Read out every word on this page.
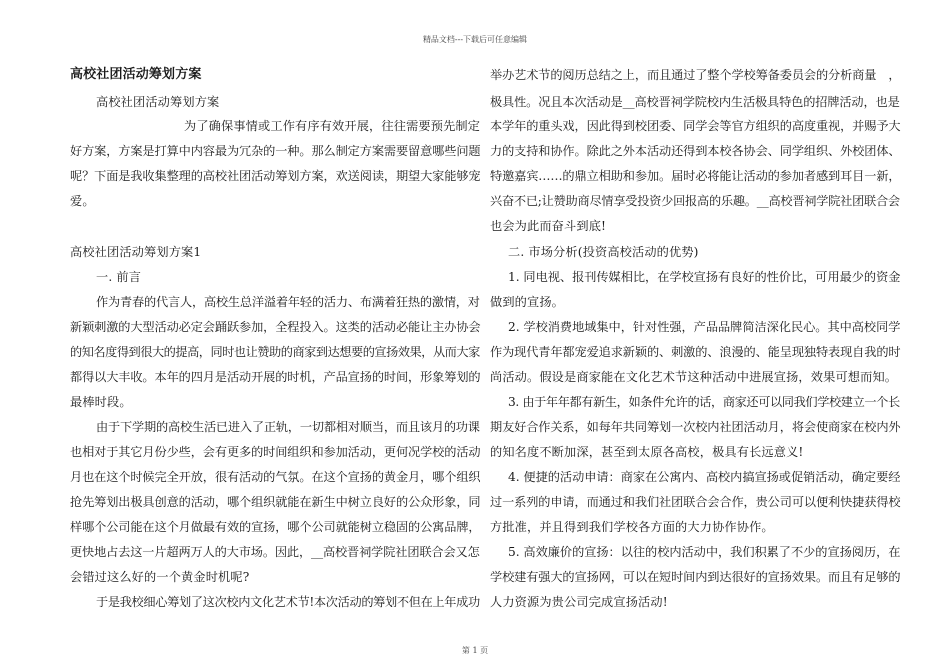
精品文档---下载后可任意编辑
高校社团活动筹划方案
高校社团活动筹划方案
为了确保事情或工作有序有效开展，往往需要预先制定
好方案，方案是打算中内容最为冗杂的一种。那么制定方案需要留意哪些问题
呢？下面是我收集整理的高校社团活动筹划方案，欢送阅读，期望大家能够宠
爱。
高校社团活动筹划方案1
一. 前言
作为青春的代言人，高校生总洋溢着年轻的活力、布满着狂热的激情，对
新颖刺激的大型活动必定会踊跃参加，全程投入。这类的活动必能让主办协会
的知名度得到很大的提高，同时也让赞助的商家到达想要的宣扬效果，从而大家
都得以大丰收。本年的四月是活动开展的时机，产品宣扬的时间，形象筹划的
最棒时段。
由于下学期的高校生活已进入了正轨，一切都相对顺当，而且该月的功课
也相对于其它月份少些，会有更多的时间组织和参加活动，更何况学校的活动
月也在这个时候完全开放，很有活动的气氛。在这个宣扬的黄金月，哪个组织
抢先筹划出极具创意的活动，哪个组织就能在新生中树立良好的公众形象，同
样哪个公司能在这个月做最有效的宣扬，哪个公司就能树立稳固的公寓品牌，
更快地占去这一片超两万人的大市场。因此，__高校晋祠学院社团联合会又怎
会错过这么好的一个黄金时机呢?
于是我校细心筹划了这次校内文化艺术节!本次活动的筹划不但在上年成功
举办艺术节的阅历总结之上，而且通过了整个学校筹备委员会的分析商量　，
极具性。况且本次活动是__高校晋祠学院校内生活极具特色的招牌活动，也是
本学年的重头戏，因此得到校团委、同学会等官方组织的高度重视，并赐予大
力的支持和协作。除此之外本活动还得到本校各协会、同学组织、外校团体、
特邀嘉宾……的鼎立相助和参加。届时必将能让活动的参加者感到耳目一新，
兴奋不已;让赞助商尽情享受投资少回报高的乐趣。__高校晋祠学院社团联合会
也会为此而奋斗到底!
二. 市场分析(投资高校活动的优势)
1. 同电视、报刊传媒相比，在学校宣扬有良好的性价比，可用最少的资金
做到的宣扬。
2. 学校消费地域集中，针对性强，产品品牌简洁深化民心。其中高校同学
作为现代青年都宠爱追求新颖的、刺激的、浪漫的、能呈现独特表现自我的时
尚活动。假设是商家能在文化艺术节这种活动中进展宣扬，效果可想而知。
3. 由于年年都有新生，如条件允许的话，商家还可以同我们学校建立一个长
期友好合作关系，如每年共同筹划一次校内社团活动月，将会使商家在校内外
的知名度不断加深，甚至到太原各高校，极具有长远意义!
4. 便捷的活动申请：商家在公寓内、高校内搞宣扬或促销活动，确定要经
过一系列的申请，而通过和我们社团联合会合作，贵公司可以便利快捷获得校
方批准，并且得到我们学校各方面的大力协作协作。
5. 高效廉价的宣扬：以往的校内活动中，我们积累了不少的宣扬阅历，在
学校建有强大的宣扬网，可以在短时间内到达很好的宣扬效果。而且有足够的
人力资源为贵公司完成宣扬活动!
第 1 页
